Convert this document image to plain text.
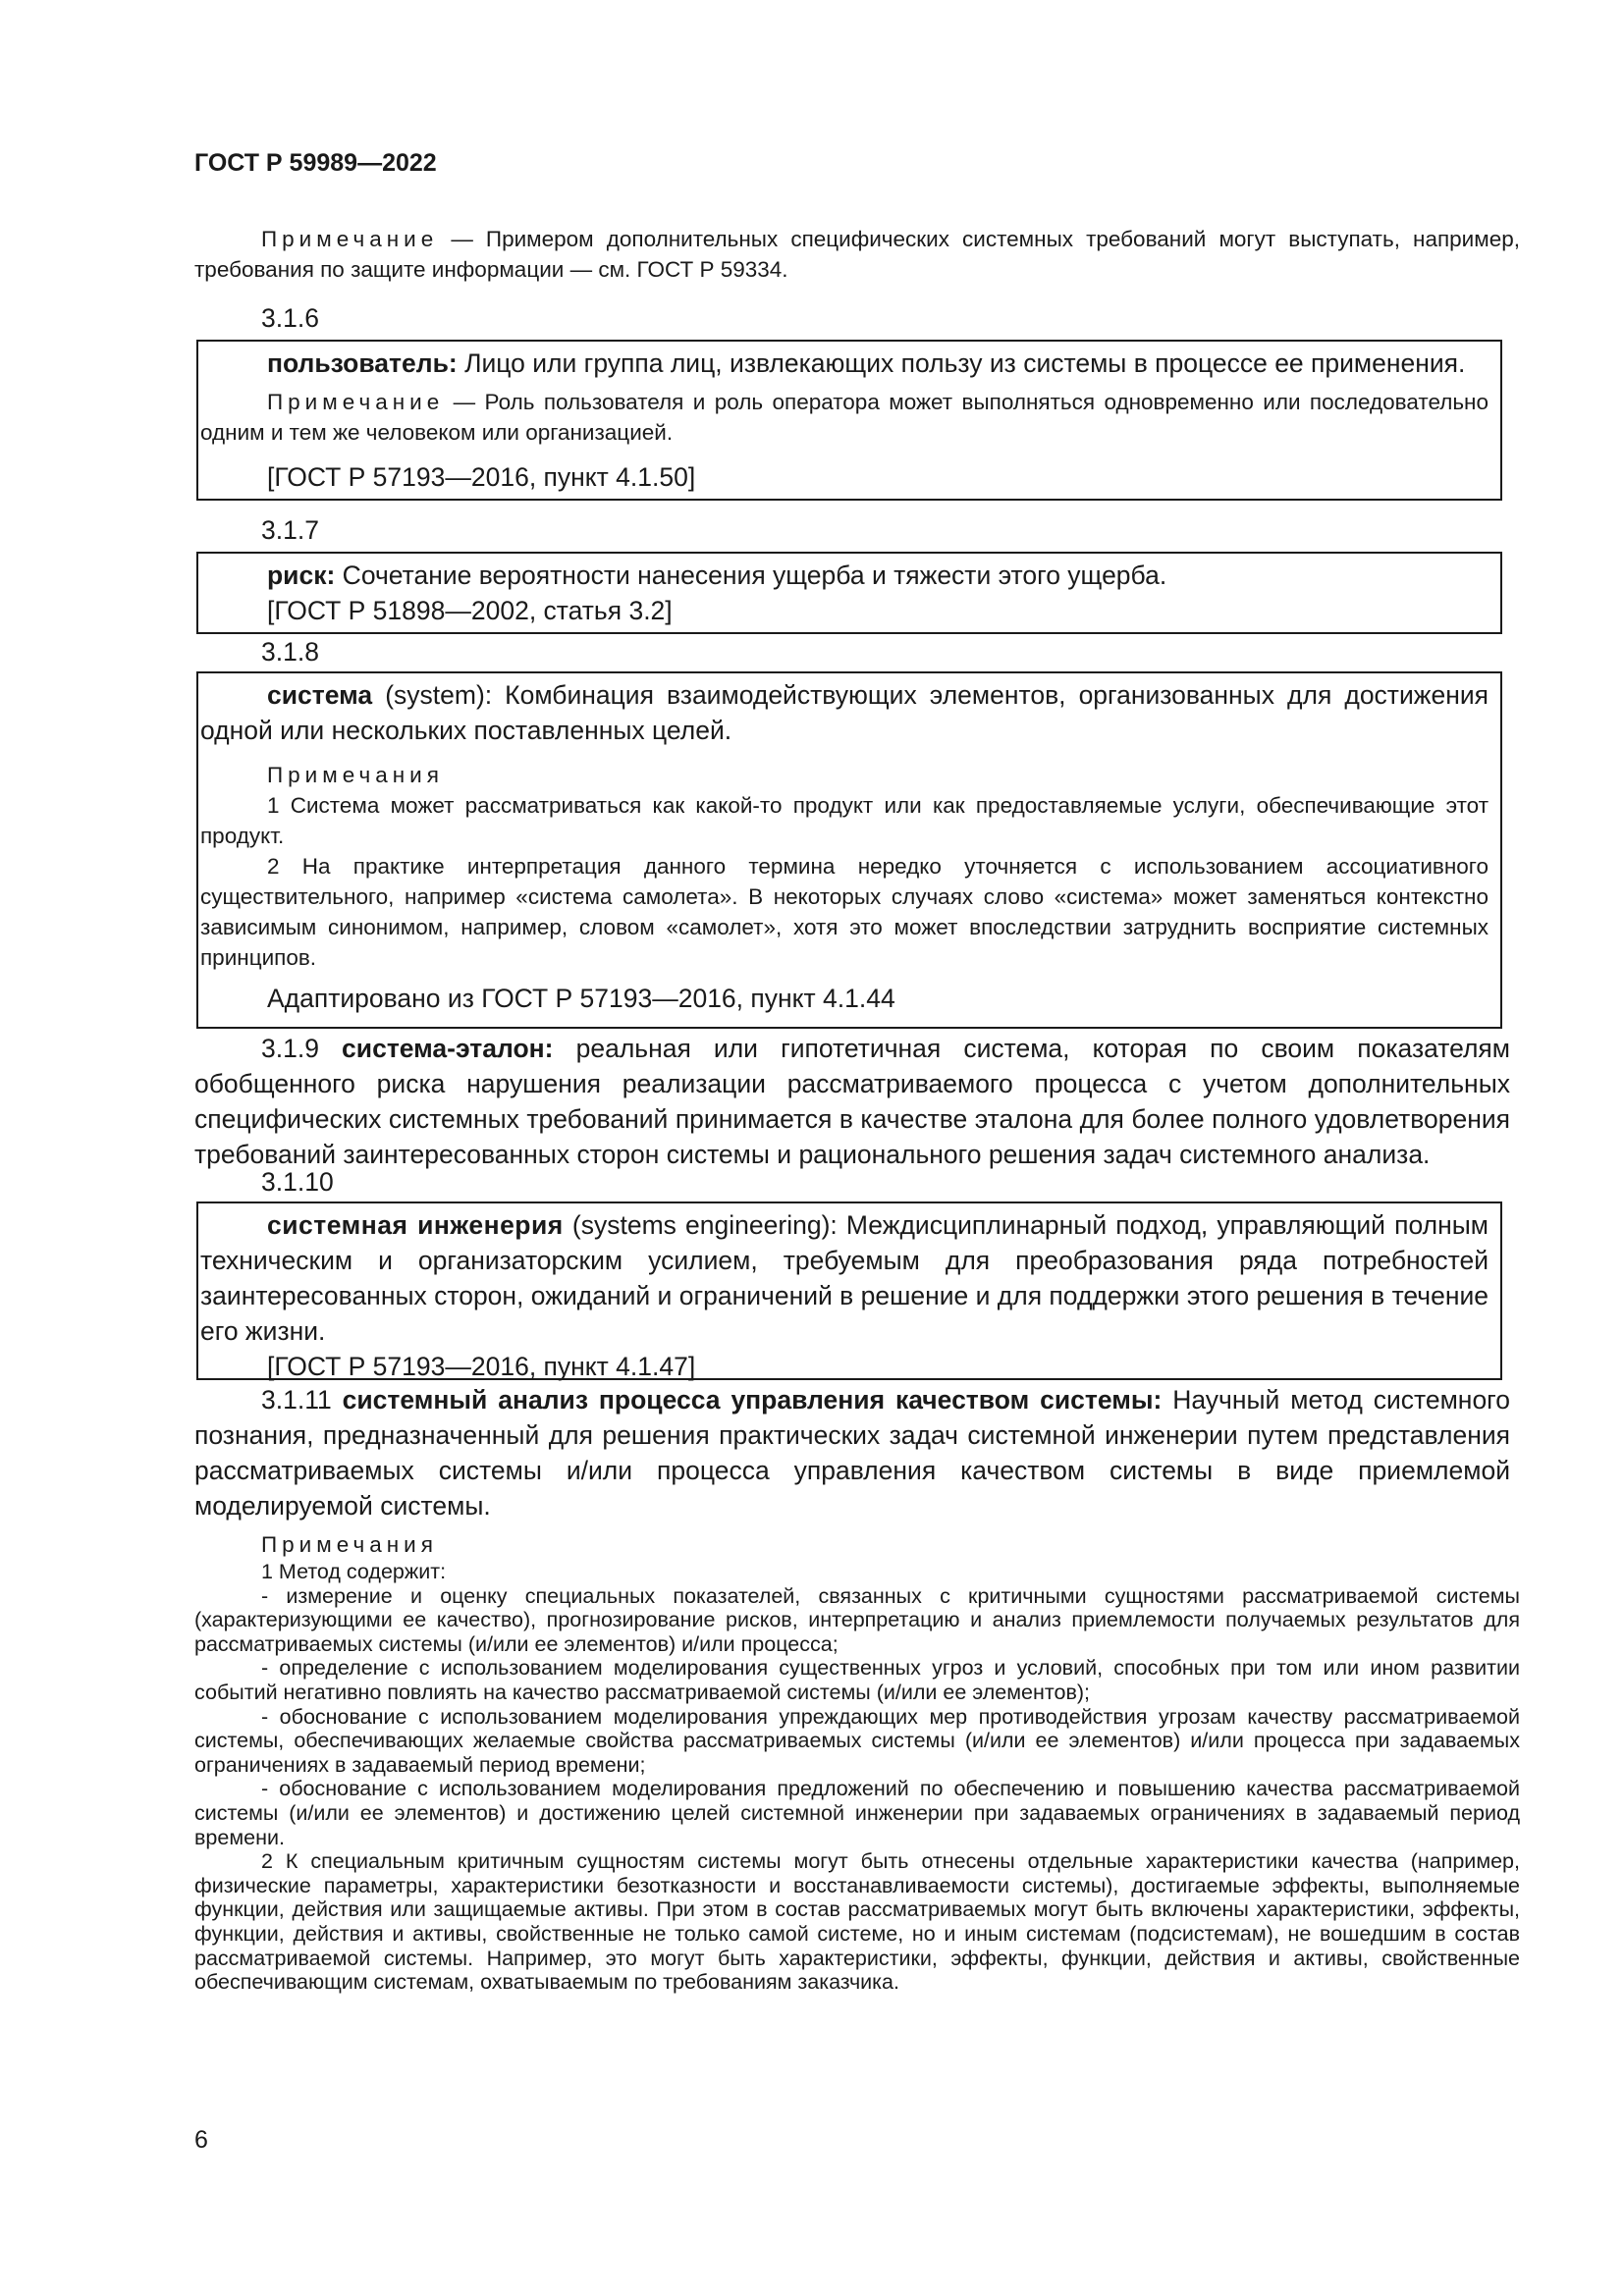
ГОСТ Р 59989—2022

Примечание — Примером дополнительных специфических системных требований могут выступать, например, требования по защите информации — см. ГОСТ Р 59334.

3.1.6

пользователь: Лицо или группа лиц, извлекающих пользу из системы в процессе ее применения.

Примечание — Роль пользователя и роль оператора может выполняться одновременно или последовательно одним и тем же человеком или организацией.

[ГОСТ Р 57193—2016, пункт 4.1.50]

3.1.7

риск: Сочетание вероятности нанесения ущерба и тяжести этого ущерба.

[ГОСТ Р 51898—2002, статья 3.2]

3.1.8

система (system): Комбинация взаимодействующих элементов, организованных для достижения одной или нескольких поставленных целей.

Примечания

1 Система может рассматриваться как какой-то продукт или как предоставляемые услуги, обеспечивающие этот продукт.

2 На практике интерпретация данного термина нередко уточняется с использованием ассоциативного существительного, например «система самолета». В некоторых случаях слово «система» может заменяться контекстно зависимым синонимом, например, словом «самолет», хотя это может впоследствии затруднить восприятие системных принципов.

Адаптировано из ГОСТ Р 57193—2016, пункт 4.1.44

3.1.9 система-эталон: реальная или гипотетичная система, которая по своим показателям обобщенного риска нарушения реализации рассматриваемого процесса с учетом дополнительных специфических системных требований принимается в качестве эталона для более полного удовлетворения требований заинтересованных сторон системы и рационального решения задач системного анализа.

3.1.10

системная инженерия (systems engineering): Междисциплинарный подход, управляющий полным техническим и организаторским усилием, требуемым для преобразования ряда потребностей заинтересованных сторон, ожиданий и ограничений в решение и для поддержки этого решения в течение его жизни.

[ГОСТ Р 57193—2016, пункт 4.1.47]

3.1.11 системный анализ процесса управления качеством системы: Научный метод системного познания, предназначенный для решения практических задач системной инженерии путем представления рассматриваемых системы и/или процесса управления качеством системы в виде приемлемой моделируемой системы.

Примечания

1 Метод содержит:

- измерение и оценку специальных показателей, связанных с критичными сущностями рассматриваемой системы (характеризующими ее качество), прогнозирование рисков, интерпретацию и анализ приемлемости получаемых результатов для рассматриваемых системы (и/или ее элементов) и/или процесса;

- определение с использованием моделирования существенных угроз и условий, способных при том или ином развитии событий негативно повлиять на качество рассматриваемой системы (и/или ее элементов);

- обоснование с использованием моделирования упреждающих мер противодействия угрозам качеству рассматриваемой системы, обеспечивающих желаемые свойства рассматриваемых системы (и/или ее элементов) и/или процесса при задаваемых ограничениях в задаваемый период времени;

- обоснование с использованием моделирования предложений по обеспечению и повышению качества рассматриваемой системы (и/или ее элементов) и достижению целей системной инженерии при задаваемых ограничениях в задаваемый период времени.

2 К специальным критичным сущностям системы могут быть отнесены отдельные характеристики качества (например, физические параметры, характеристики безотказности и восстанавливаемости системы), достигаемые эффекты, выполняемые функции, действия или защищаемые активы. При этом в состав рассматриваемых могут быть включены характеристики, эффекты, функции, действия и активы, свойственные не только самой системе, но и иным системам (подсистемам), не вошедшим в состав рассматриваемой системы. Например, это могут быть характеристики, эффекты, функции, действия и активы, свойственные обеспечивающим системам, охватываемым по требованиям заказчика.

6
